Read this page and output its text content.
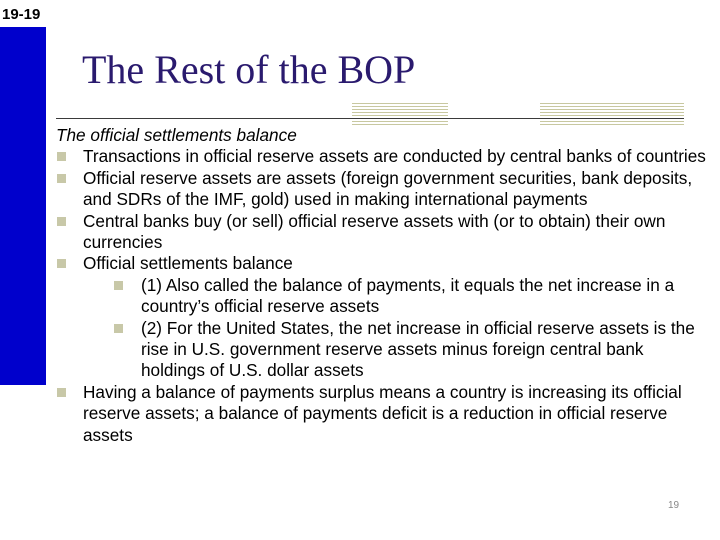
19-19
The Rest of the BOP
The official settlements balance
Transactions in official reserve assets are conducted by central banks of countries
Official reserve assets are assets (foreign government securities, bank deposits, and SDRs of the IMF, gold) used in making international payments
Central banks buy (or sell) official reserve assets with (or to obtain) their own currencies
Official settlements balance
(1) Also called the balance of payments, it equals the net increase in a country’s official reserve assets
(2) For the United States, the net increase in official reserve assets is the rise in U.S. government reserve assets minus foreign central bank holdings of U.S. dollar assets
Having a balance of payments surplus means a country is increasing its official reserve assets; a balance of payments deficit is a reduction in official reserve assets
19
